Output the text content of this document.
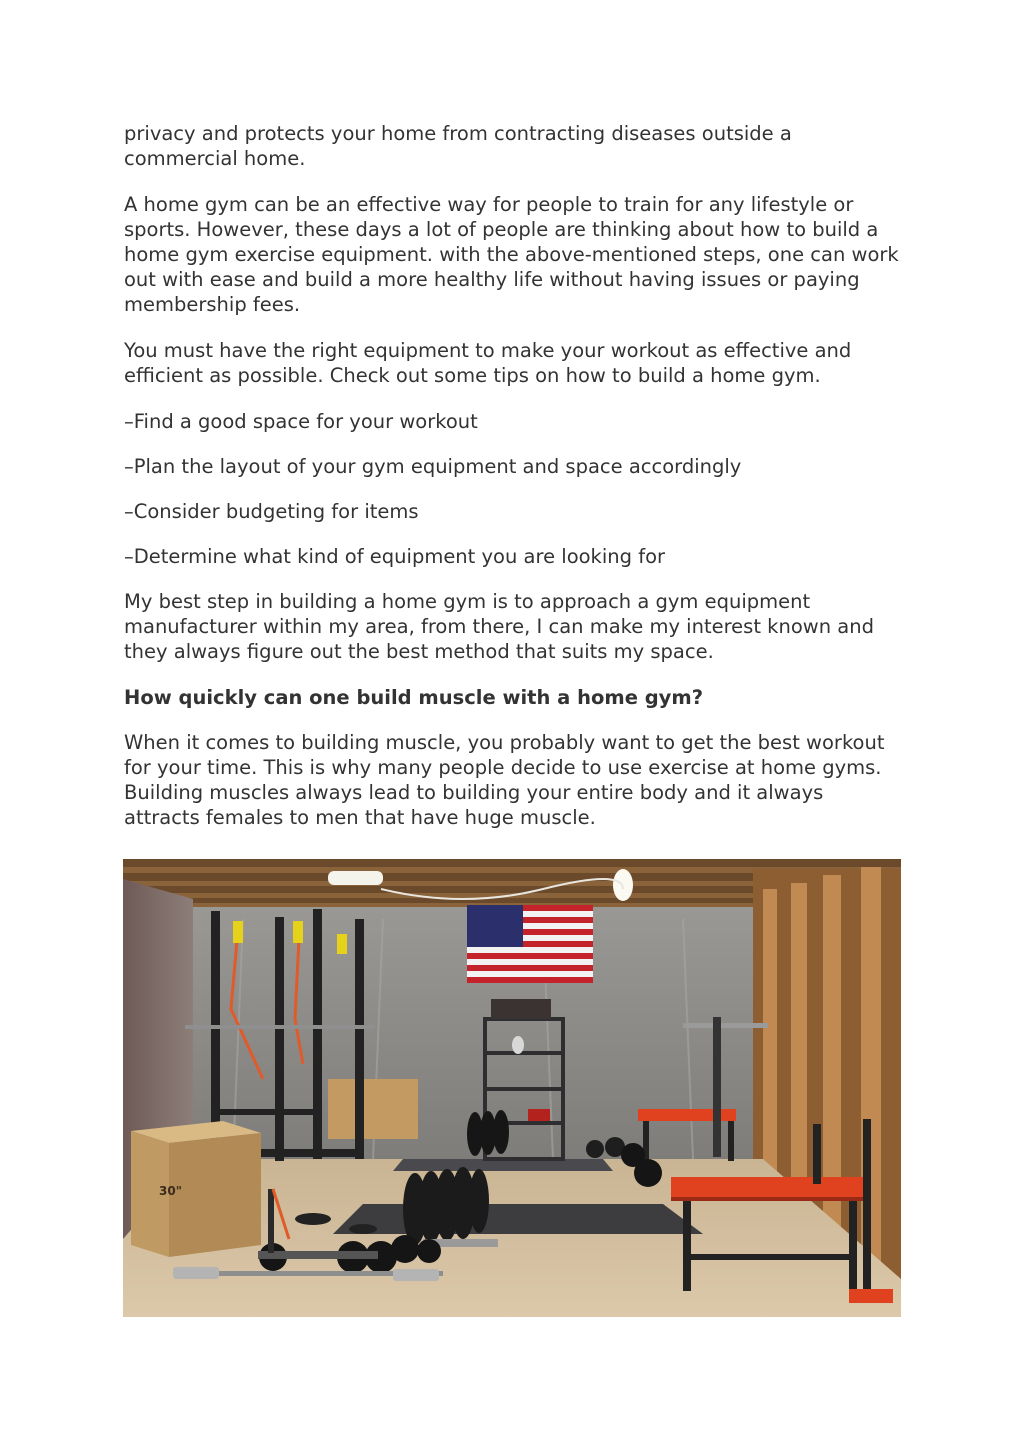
privacy and protects your home from contracting diseases outside a commercial home.

A home gym can be an effective way for people to train for any lifestyle or sports. However, these days a lot of people are thinking about how to build a home gym exercise equipment. with the above-mentioned steps, one can work out with ease and build a more healthy life without having issues or paying membership fees.

You must have the right equipment to make your workout as effective and efficient as possible. Check out some tips on how to build a home gym.

–Find a good space for your workout

–Plan the layout of your gym equipment and space accordingly

–Consider budgeting for items

–Determine what kind of equipment you are looking for

My best step in building a home gym is to approach a gym equipment manufacturer within my area, from there, I can make my interest known and they always figure out the best method that suits my space.

How quickly can one build muscle with a home gym?

When it comes to building muscle, you probably want to get the best workout for your time. This is why many people decide to use exercise at home gyms. Building muscles always lead to building your entire body and it always attracts females to men that have huge muscle.

30"
